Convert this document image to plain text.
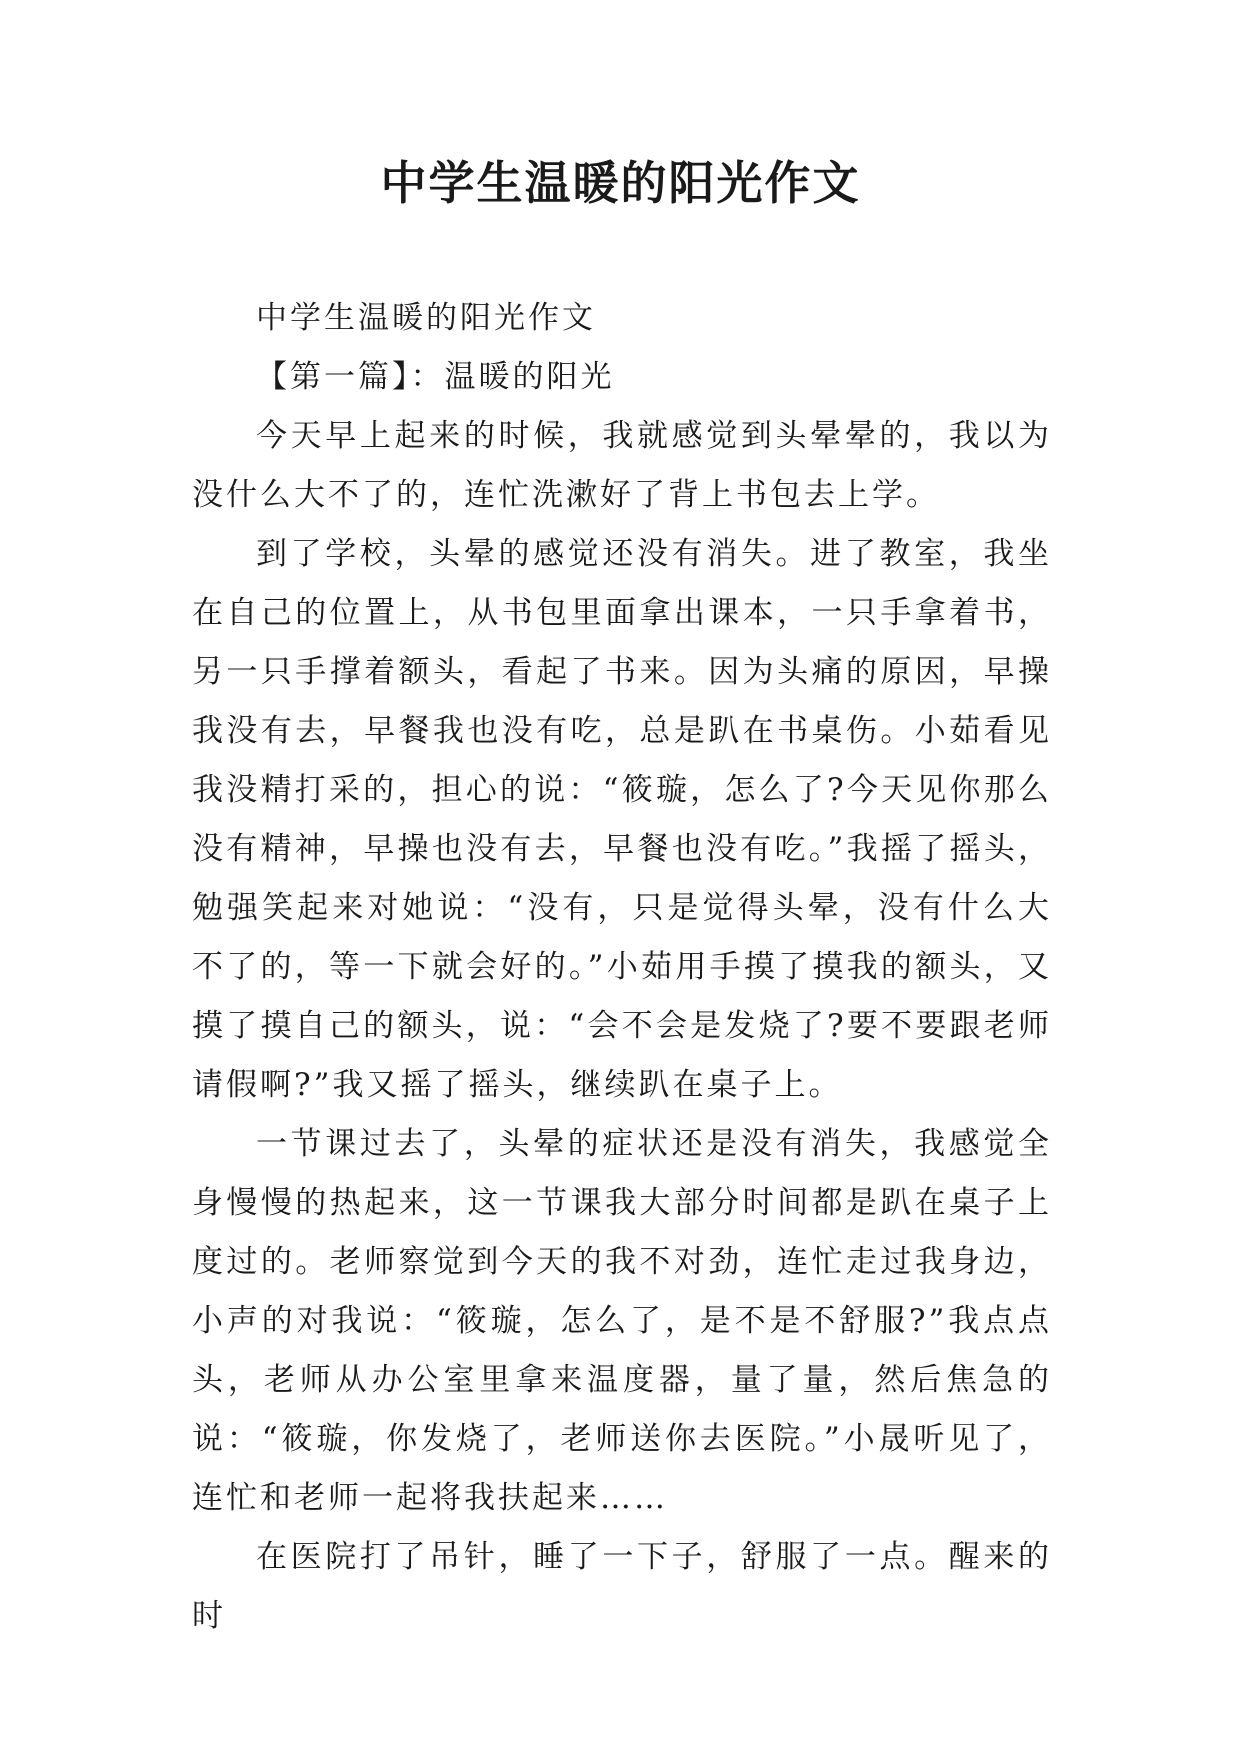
中学生温暖的阳光作文

中学生温暖的阳光作文

【第一篇】：温暖的阳光

今天早上起来的时候，我就感觉到头晕晕的，我以为没什么大不了的，连忙洗漱好了背上书包去上学。

到了学校，头晕的感觉还没有消失。进了教室，我坐在自己的位置上，从书包里面拿出课本，一只手拿着书，另一只手撑着额头，看起了书来。因为头痛的原因，早操我没有去，早餐我也没有吃，总是趴在书桌伤。小茹看见我没精打采的，担心的说：“筱璇，怎么了?今天见你那么没有精神，早操也没有去，早餐也没有吃。”我摇了摇头，勉强笑起来对她说：“没有，只是觉得头晕，没有什么大不了的，等一下就会好的。”小茹用手摸了摸我的额头，又摸了摸自己的额头，说：“会不会是发烧了?要不要跟老师请假啊?”我又摇了摇头，继续趴在桌子上。

一节课过去了，头晕的症状还是没有消失，我感觉全身慢慢的热起来，这一节课我大部分时间都是趴在桌子上度过的。老师察觉到今天的我不对劲，连忙走过我身边，小声的对我说：“筱璇，怎么了，是不是不舒服?”我点点头，老师从办公室里拿来温度器，量了量，然后焦急的说：“筱璇，你发烧了，老师送你去医院。”小晟听见了，连忙和老师一起将我扶起来……

在医院打了吊针，睡了一下子，舒服了一点。醒来的时
